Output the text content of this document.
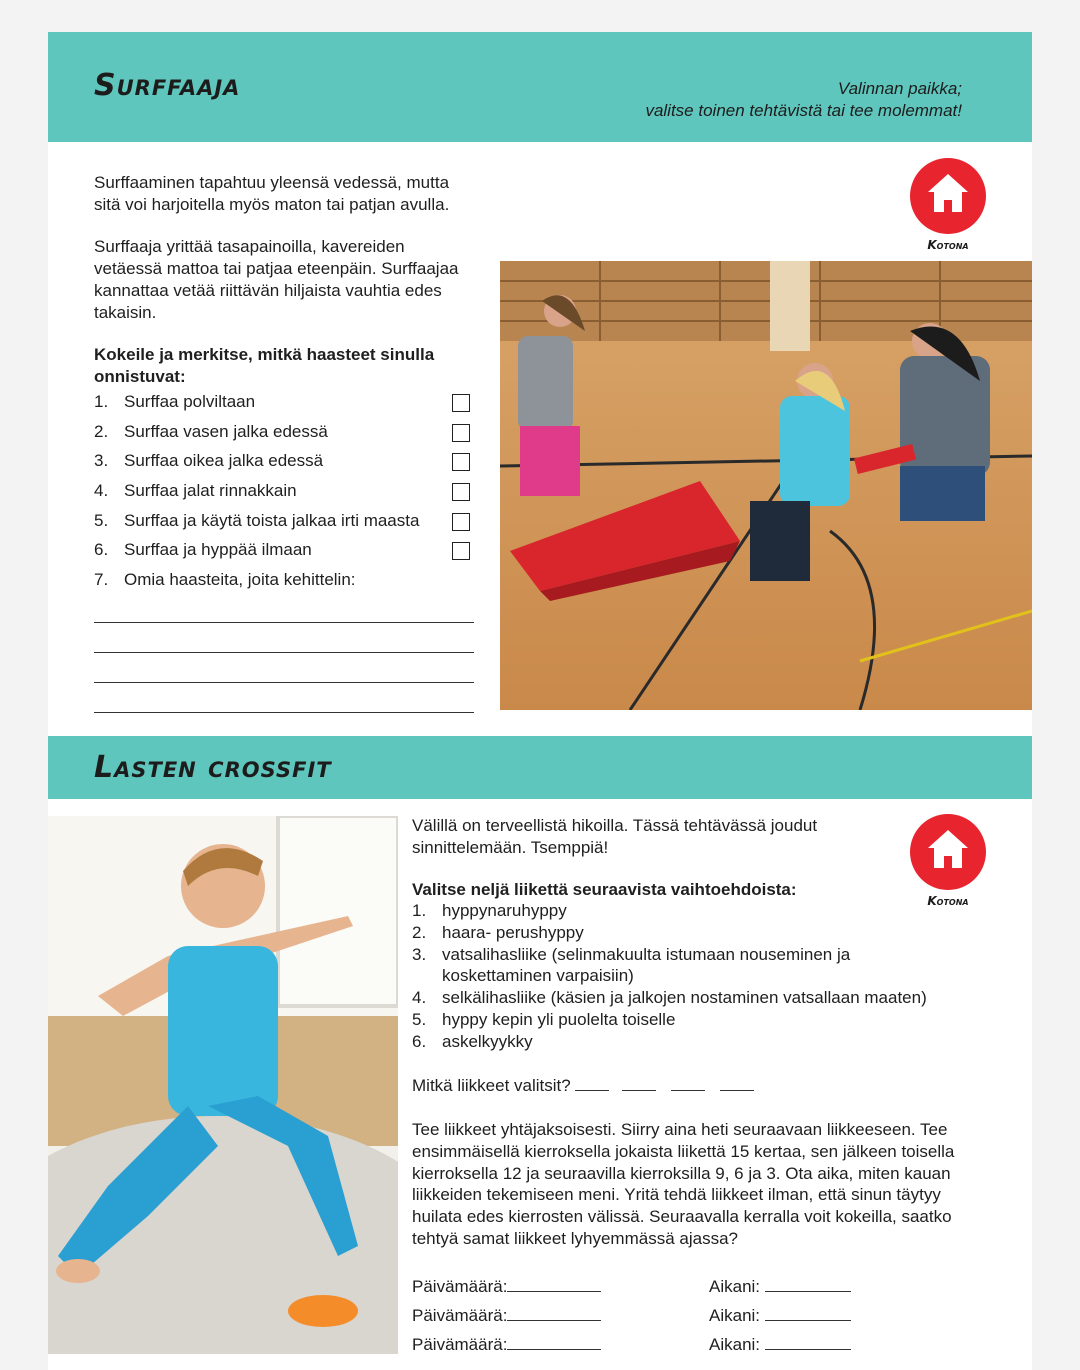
Surffaaja	Valinnan paikka;
valitse toinen tehtävistä tai tee molemmat!
Kotona
Surffaaminen tapahtuu yleensä vedessä, mutta sitä voi harjoitella myös maton tai patjan avulla.
Surffaaja yrittää tasapainoilla, kavereiden vetäessä mattoa tai patjaa eteenpäin. Surffaajaa kannattaa vetää riittävän hiljaista vauhtia edes takaisin.
Kokeile ja merkitse, mitkä haasteet sinulla onnistuvat:
1. Surffaa polviltaan
2. Surffaa vasen jalka edessä
3. Surffaa oikea jalka edessä
4. Surffaa jalat rinnakkain
5. Surffaa ja käytä toista jalkaa irti maasta
6. Surffaa ja hyppää ilmaan
7. Omia haasteita, joita kehittelin:
Lasten crossfit
Kotona
Välillä on terveellistä hikoilla. Tässä tehtävässä joudut
sinnittelemään. Tsemppiä!
Valitse neljä liikettä seuraavista vaihtoehdoista:
1. hyppynaruhyppy
2. haara- perushyppy
3. vatsalihasliike (selinmakuulta istumaan nouseminen ja koskettaminen varpaisiin)
4. selkälihasliike (käsien ja jalkojen nostaminen vatsallaan maaten)
5. hyppy kepin yli puolelta toiselle
6. askelkyykky
Mitkä liikkeet valitsit?
Tee liikkeet yhtäjaksoisesti. Siirry aina heti seuraavaan liikkeeseen. Tee ensimmäisellä kierroksella jokaista liikettä 15 kertaa, sen jälkeen toisella kierroksella 12 ja seuraavilla kierroksilla 9, 6 ja 3. Ota aika, miten kauan liikkeiden tekemiseen meni. Yritä tehdä liikkeet ilman, että sinun täytyy huilata edes kierrosten välissä. Seuraavalla kerralla voit kokeilla, saatko tehtyä samat liikkeet lyhyemmässä ajassa?
Päivämäärä:	Aikani:
Päivämäärä:	Aikani:
Päivämäärä:	Aikani:
